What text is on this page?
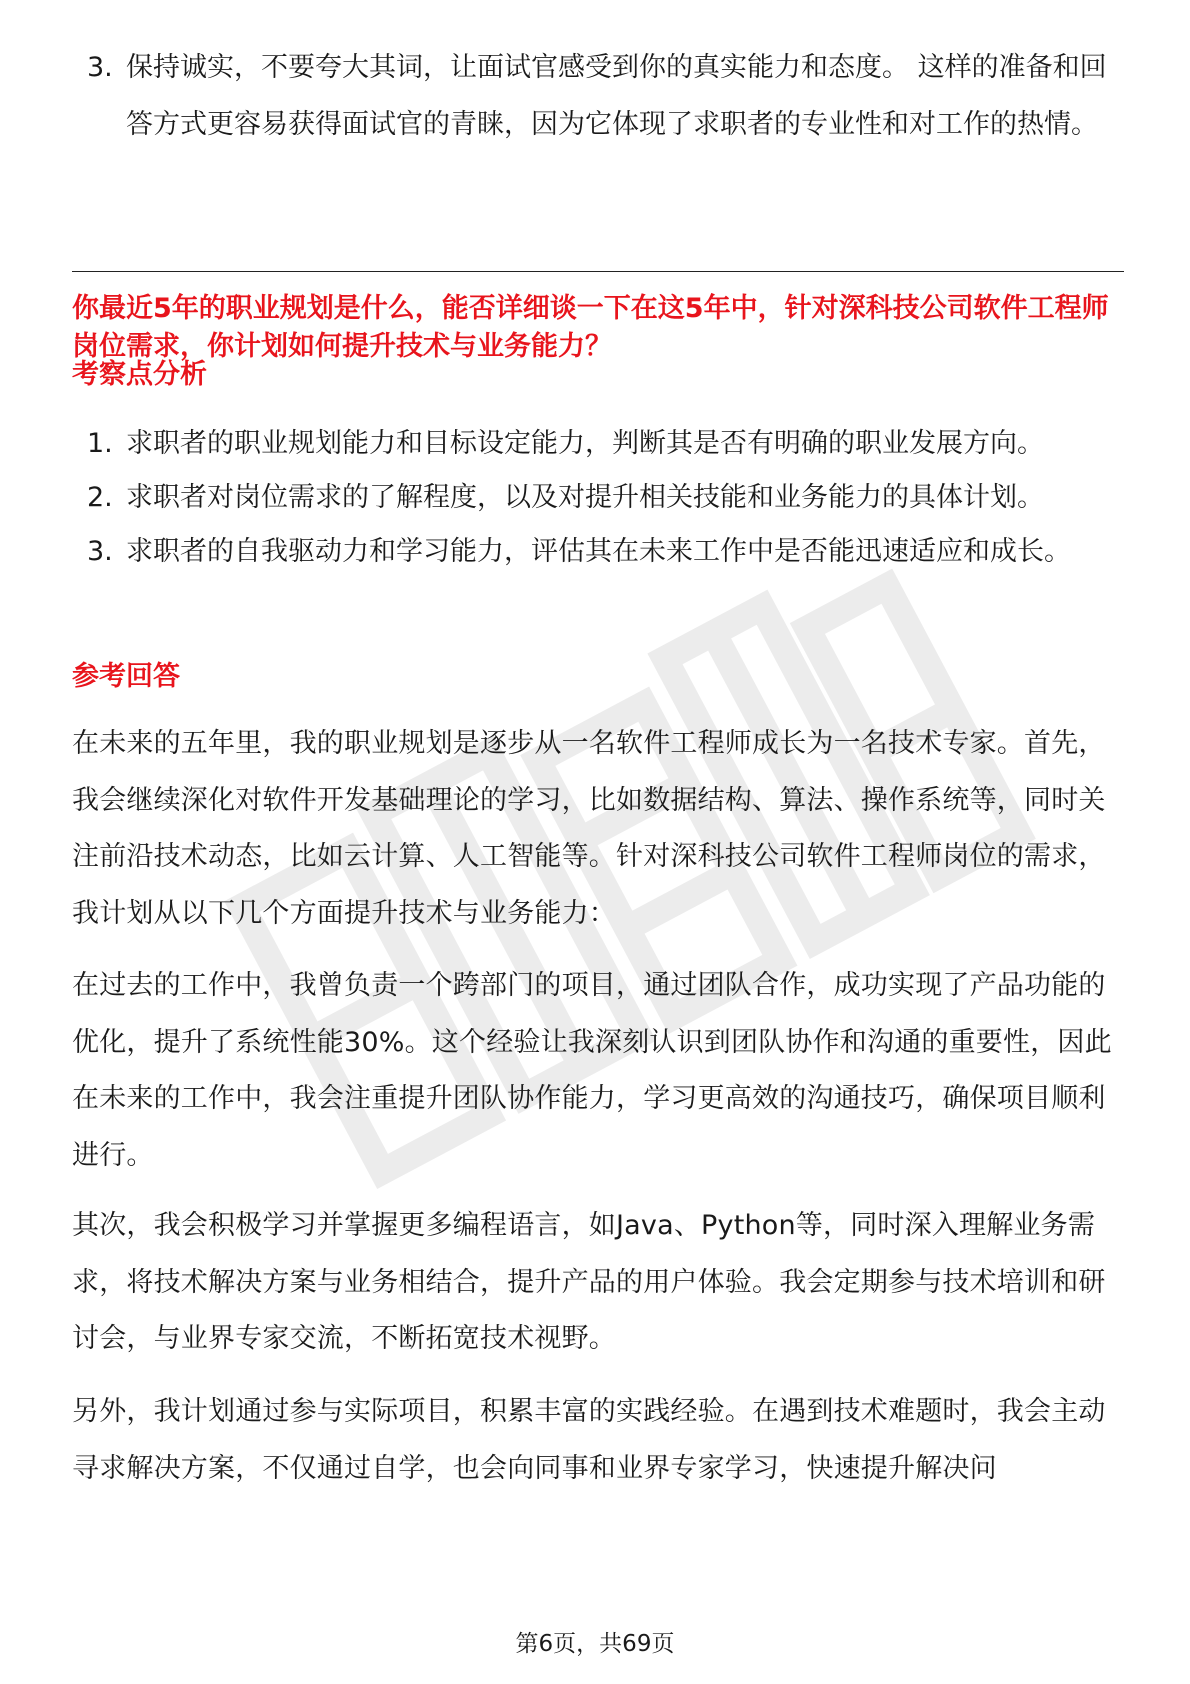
3. 保持诚实，不要夸大其词，让面试官感受到你的真实能力和态度。 这样的准备和回答方式更容易获得面试官的青睐，因为它体现了求职者的专业性和对工作的热情。

你最近5年的职业规划是什么，能否详细谈一下在这5年中，针对深科技公司软件工程师岗位需求，你计划如何提升技术与业务能力？

考察点分析

1. 求职者的职业规划能力和目标设定能力，判断其是否有明确的职业发展方向。
2. 求职者对岗位需求的了解程度，以及对提升相关技能和业务能力的具体计划。
3. 求职者的自我驱动力和学习能力，评估其在未来工作中是否能迅速适应和成长。

参考回答

在未来的五年里，我的职业规划是逐步从一名软件工程师成长为一名技术专家。首先，我会继续深化对软件开发基础理论的学习，比如数据结构、算法、操作系统等，同时关注前沿技术动态，比如云计算、人工智能等。针对深科技公司软件工程师岗位的需求，我计划从以下几个方面提升技术与业务能力：

在过去的工作中，我曾负责一个跨部门的项目，通过团队合作，成功实现了产品功能的优化，提升了系统性能30%。这个经验让我深刻认识到团队协作和沟通的重要性，因此在未来的工作中，我会注重提升团队协作能力，学习更高效的沟通技巧，确保项目顺利进行。

其次，我会积极学习并掌握更多编程语言，如Java、Python等，同时深入理解业务需求，将技术解决方案与业务相结合，提升产品的用户体验。我会定期参与技术培训和研讨会，与业界专家交流，不断拓宽技术视野。

另外，我计划通过参与实际项目，积累丰富的实践经验。在遇到技术难题时，我会主动寻求解决方案，不仅通过自学，也会向同事和业界专家学习，快速提升解决问

第6页，共69页
